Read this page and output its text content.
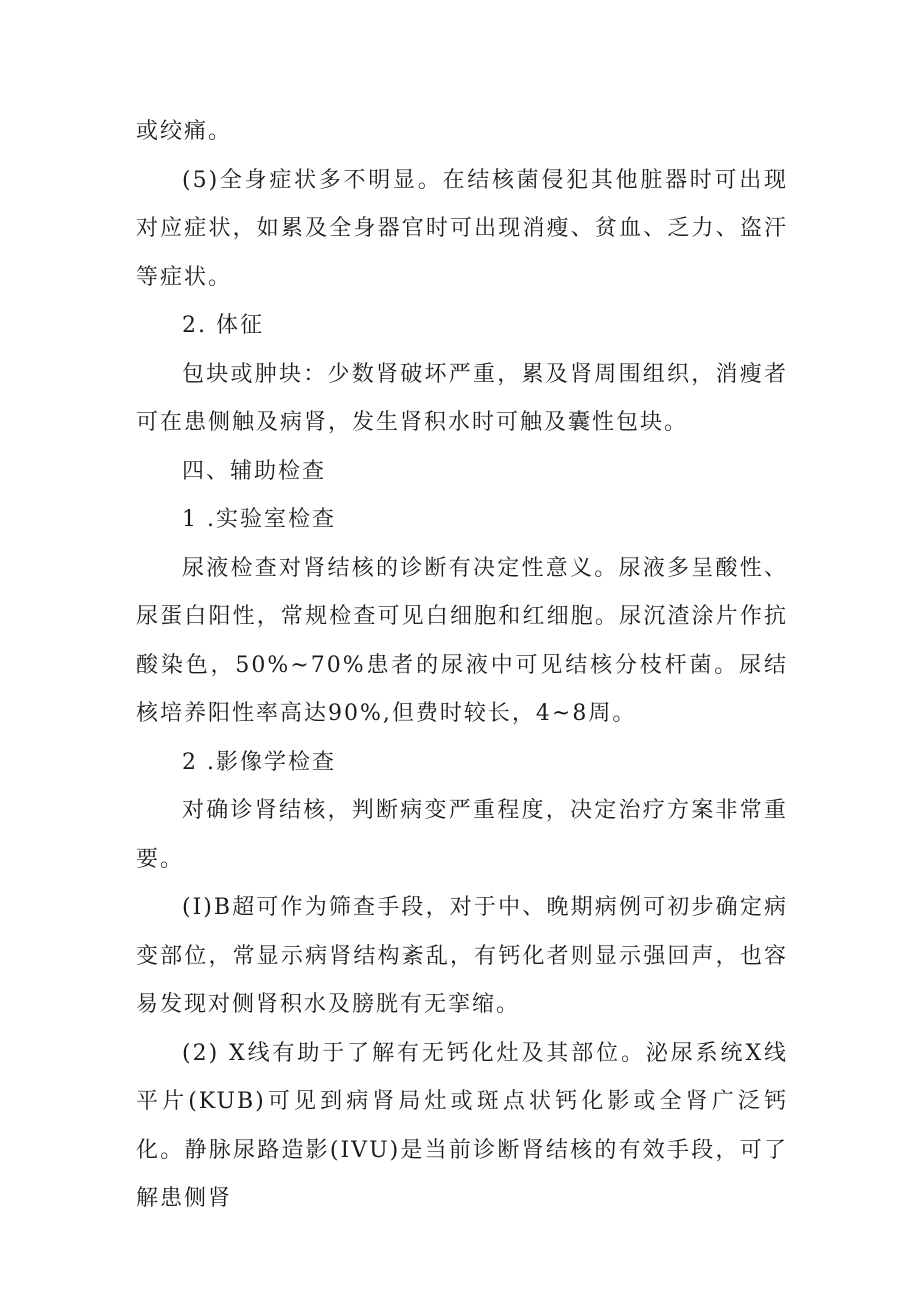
或绞痛。

(5)全身症状多不明显。在结核菌侵犯其他脏器时可出现对应症状，如累及全身器官时可出现消瘦、贫血、乏力、盗汗等症状。

2. 体征

包块或肿块：少数肾破坏严重，累及肾周围组织，消瘦者可在患侧触及病肾，发生肾积水时可触及囊性包块。

四、辅助检查

1 .实验室检查

尿液检查对肾结核的诊断有决定性意义。尿液多呈酸性、尿蛋白阳性，常规检查可见白细胞和红细胞。尿沉渣涂片作抗酸染色，50%~70%患者的尿液中可见结核分枝杆菌。尿结核培养阳性率高达90%,但费时较长，4~8周。

2 .影像学检查

对确诊肾结核，判断病变严重程度，决定治疗方案非常重要。

(I)B超可作为筛查手段，对于中、晚期病例可初步确定病变部位，常显示病肾结构紊乱，有钙化者则显示强回声，也容易发现对侧肾积水及膀胱有无挛缩。

(2) X线有助于了解有无钙化灶及其部位。泌尿系统X线平片(KUB)可见到病肾局灶或斑点状钙化影或全肾广泛钙化。静脉尿路造影(IVU)是当前诊断肾结核的有效手段，可了解患侧肾
